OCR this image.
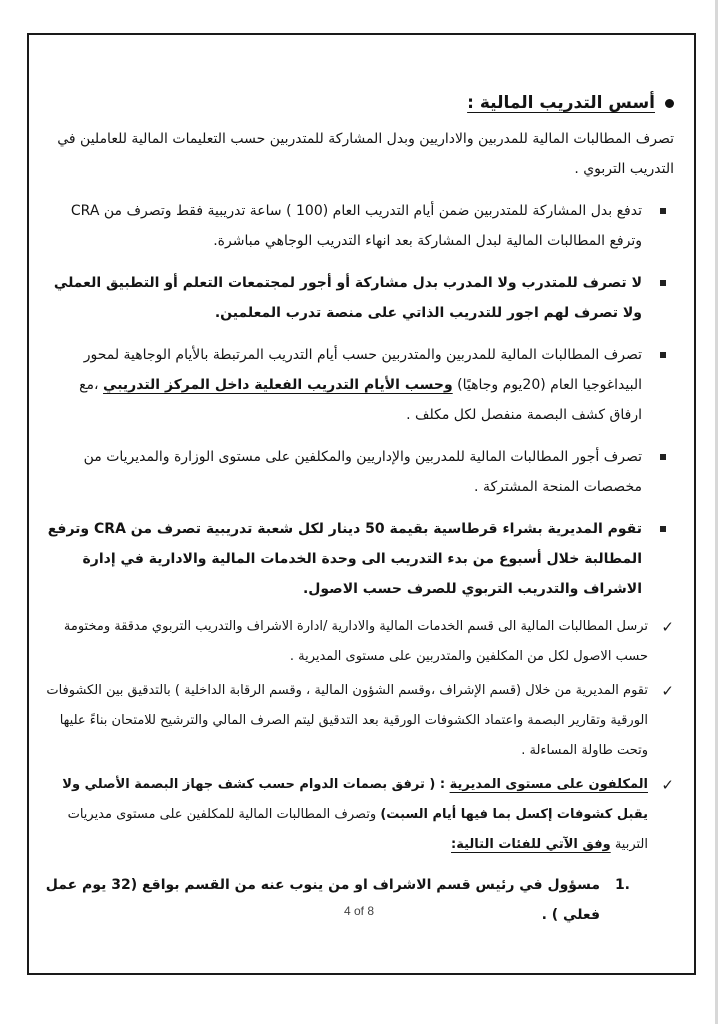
أسس التدريب المالية :
تصرف المطالبات المالية للمدربين والاداريين وبدل المشاركة للمتدربين حسب التعليمات المالية للعاملين في التدريب التربوي .
تدفع بدل المشاركة للمتدربين ضمن أيام التدريب العام (100 ) ساعة تدريبية فقط وتصرف من CRA وترفع المطالبات المالية لبدل المشاركة بعد انهاء التدريب الوجاهي مباشرة.
لا تصرف للمتدرب ولا المدرب بدل مشاركة أو أجور لمجتمعات التعلم أو التطبيق العملي ولا تصرف لهم اجور للتدريب الذاتي على منصة تدرب المعلمين.
تصرف المطالبات المالية للمدربين والمتدربين حسب أيام التدريب المرتبطة بالأيام الوجاهية لمحور البيداغوجيا العام (20يوم وجاهيًا) وحسب الأيام التدريب الفعلية داخل المركز التدريبي ،مع ارفاق كشف البصمة منفصل لكل مكلف .
تصرف أجور المطالبات المالية للمدربين والإداريين والمكلفين على مستوى الوزارة والمديريات من مخصصات المنحة المشتركة .
تقوم المديرية بشراء قرطاسية بقيمة 50 دينار لكل شعبة تدريبية تصرف من CRA وترفع المطالبة خلال أسبوع من بدء التدريب الى وحدة الخدمات المالية والادارية في إدارة الاشراف والتدريب التربوي للصرف حسب الاصول.
✓
ترسل المطالبات المالية الى قسم الخدمات المالية والادارية /ادارة الاشراف والتدريب التربوي مدققة ومختومة حسب الاصول لكل من المكلفين والمتدربين على مستوى المديرية .
✓
تقوم المديرية من خلال (قسم الإشراف ،وقسم الشؤون المالية ، وقسم الرقابة الداخلية ) بالتدقيق بين الكشوفات الورقية وتقارير البصمة واعتماد الكشوفات الورقية بعد التدقيق ليتم الصرف المالي والترشيح للامتحان بناءً عليها وتحت طاولة المساءلة .
✓
المكلفون على مستوى المديرية : ( ترفق بصمات الدوام حسب كشف جهاز البصمة الأصلي ولا يقبل كشوفات إكسل بما فيها أيام السبت) وتصرف المطالبات المالية للمكلفين على مستوى مديريات التربية وفق الآتي للفئات التالية:
1.
مسؤول في رئيس قسم الاشراف او من ينوب عنه من القسم بواقع (32 يوم عمل فعلي ) .
4 of 8
